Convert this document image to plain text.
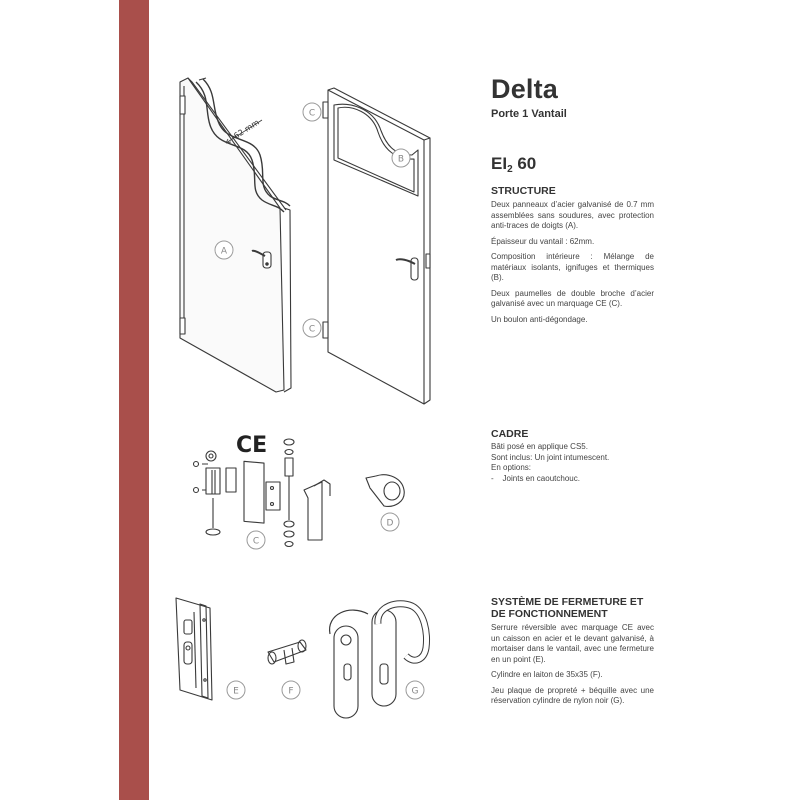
62 mm
CE
A
B
C
C
C
D
E	F	G
Delta
Porte 1 Vantail
$EI_2$ 60
STRUCTURE

Deux panneaux d’acier galvanisé de 0.7 mm assemblées sans soudures, avec protection anti-traces de doigts (A).

Épaisseur du vantail : 62mm.

Composition intérieure : Mélange de matériaux isolants, ignifuges et thermiques (B).

Deux paumelles de double broche d’acier galvanisé avec un marquage CE (C).

Un boulon anti-dégondage.

CADRE

Bâti posé en applique CS5.

Sont inclus: Un joint intumescent.

En options:

-    Joints en caoutchouc.

SYSTÈME DE FERMETURE ET
DE FONCTIONNEMENT

Serrure réversible avec marquage CE avec un caisson en acier et le devant galvanisé, à mortaiser dans le vantail, avec une fermeture en un point (E).

Cylindre en laiton de 35x35 (F).

Jeu plaque de propreté + béquille avec une réservation cylindre de nylon noir (G).
